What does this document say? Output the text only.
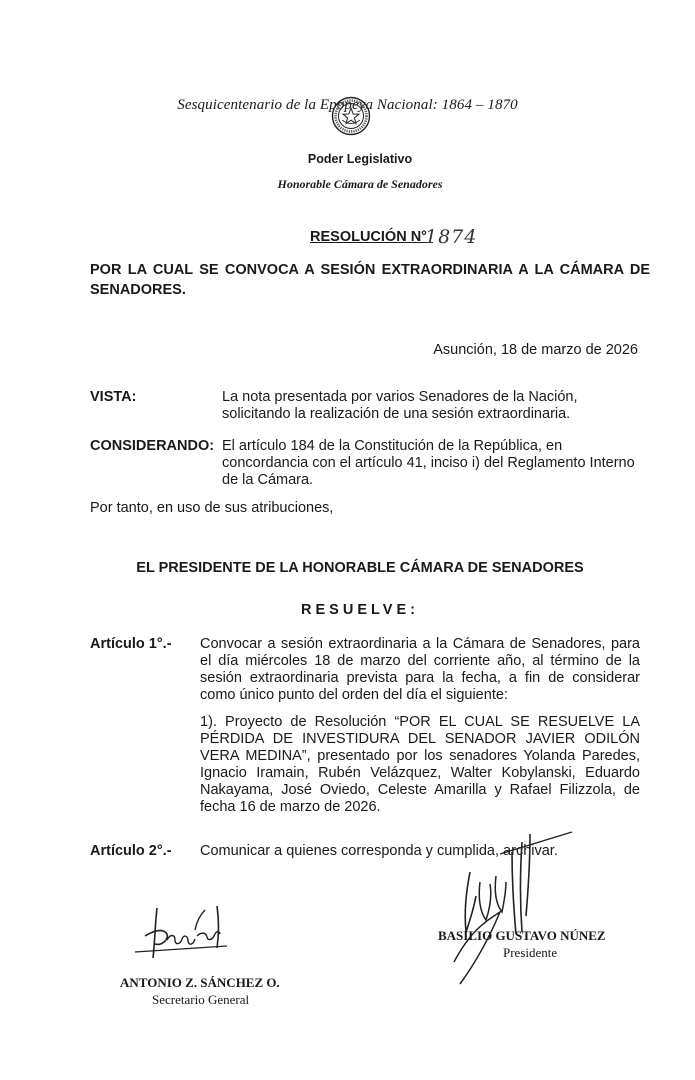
Sesquicentenario de la Epopeya Nacional: 1864 – 1870
Poder Legislativo
Honorable Cámara de Senadores
RESOLUCIÓN N°
1874
POR LA CUAL SE CONVOCA A SESIÓN EXTRAORDINARIA A LA CÁMARA DE SENADORES.
Asunción, 18 de marzo de 2026
VISTA:	La nota presentada por varios Senadores de la Nación, solicitando la realización de una sesión extraordinaria.
CONSIDERANDO: El artículo 184 de la Constitución de la República, en concordancia con el artículo 41, inciso i) del Reglamento Interno de la Cámara.
Por tanto, en uso de sus atribuciones,
EL PRESIDENTE DE LA HONORABLE CÁMARA DE SENADORES
RESUELVE:
Artículo 1°.- Convocar a sesión extraordinaria a la Cámara de Senadores, para el día miércoles 18 de marzo del corriente año, al término de la sesión extraordinaria prevista para la fecha, a fin de considerar como único punto del orden del día el siguiente:
1). Proyecto de Resolución “POR EL CUAL SE RESUELVE LA PÉRDIDA DE INVESTIDURA DEL SENADOR JAVIER ODILÓN VERA MEDINA”, presentado por los senadores Yolanda Paredes, Ignacio Iramain, Rubén Velázquez, Walter Kobylanski, Eduardo Nakayama, José Oviedo, Celeste Amarilla y Rafael Filizzola, de fecha 16 de marzo de 2026.
Artículo 2°.- Comunicar a quienes corresponda y cumplida, archivar.
ANTONIO Z. SÁNCHEZ O.
Secretario General
BASILIO GUSTAVO NÚNEZ
Presidente
